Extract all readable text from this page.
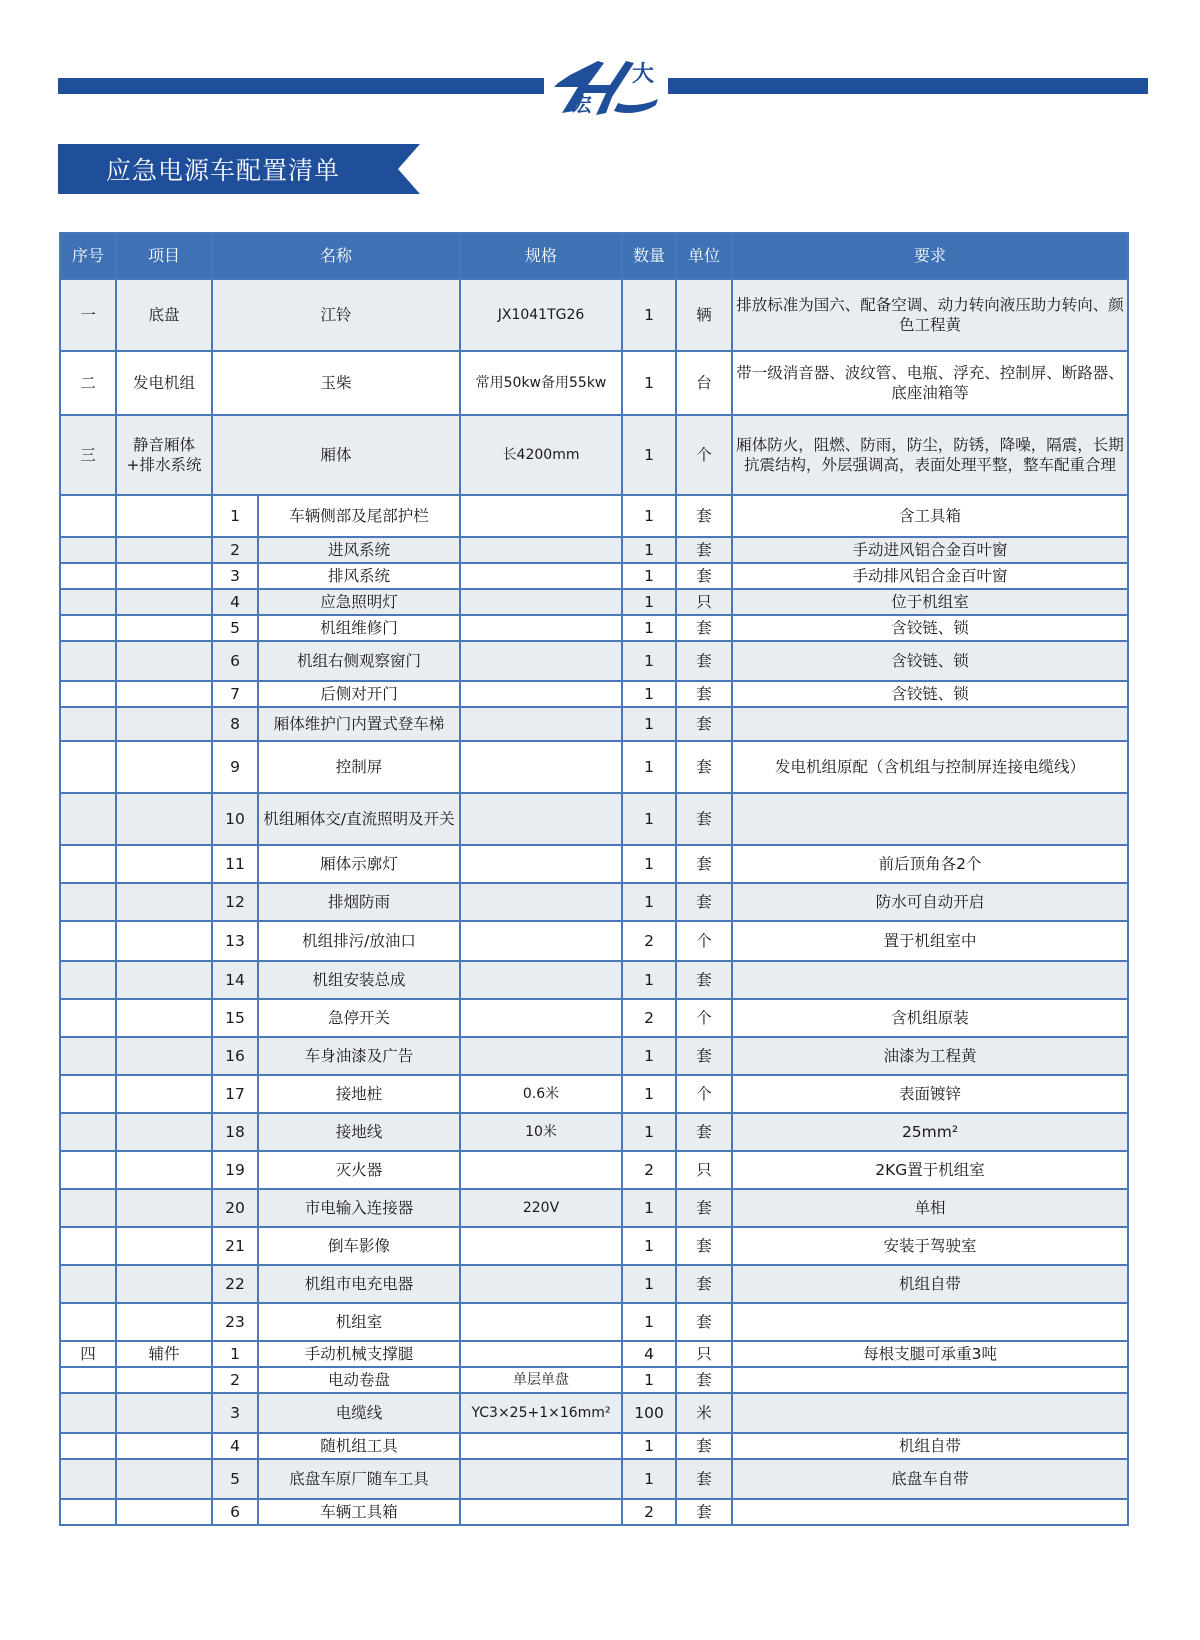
大
宏
应急电源车配置清单
序号	项目	名称		规格	数量	单位	要求
一	底盘	江铃		JX1041TG26	1	辆	排放标准为国六、配备空调、动力转向液压助力转向、颜色工程黄
二	发电机组	玉柴		常用50kw备用55kw	1	台	带一级消音器、波纹管、电瓶、浮充、控制屏、断路器、底座油箱等
三	静音厢体+排水系统	厢体		长4200mm	1	个	厢体防火，阻燃、防雨，防尘，防锈，降噪，隔震，长期抗震结构，外层强调高，表面处理平整，整车配重合理
		1	车辆侧部及尾部护栏		1	套	含工具箱
		2	进风系统		1	套	手动进风铝合金百叶窗
		3	排风系统		1	套	手动排风铝合金百叶窗
		4	应急照明灯		1	只	位于机组室
		5	机组维修门		1	套	含铰链、锁
		6	机组右侧观察窗门		1	套	含铰链、锁
		7	后侧对开门		1	套	含铰链、锁
		8	厢体维护门内置式登车梯		1	套	
		9	控制屏		1	套	发电机组原配（含机组与控制屏连接电缆线）
		10	机组厢体交/直流照明及开关		1	套	
		11	厢体示廓灯		1	套	前后顶角各2个
		12	排烟防雨		1	套	防水可自动开启
		13	机组排污/放油口		2	个	置于机组室中
		14	机组安装总成		1	套	
		15	急停开关		2	个	含机组原装
		16	车身油漆及广告		1	套	油漆为工程黄
		17	接地桩	0.6米	1	个	表面镀锌
		18	接地线	10米	1	套	25mm²
		19	灭火器		2	只	2KG置于机组室
		20	市电输入连接器	220V	1	套	单相
		21	倒车影像		1	套	安装于驾驶室
		22	机组市电充电器		1	套	机组自带
		23	机组室		1	套	
四	辅件	1	手动机械支撑腿		4	只	每根支腿可承重3吨
		2	电动卷盘	单层单盘	1	套	
		3	电缆线	YC3×25+1×16mm²	100	米	
		4	随机组工具		1	套	机组自带
		5	底盘车原厂随车工具		1	套	底盘车自带
		6	车辆工具箱		2	套	
